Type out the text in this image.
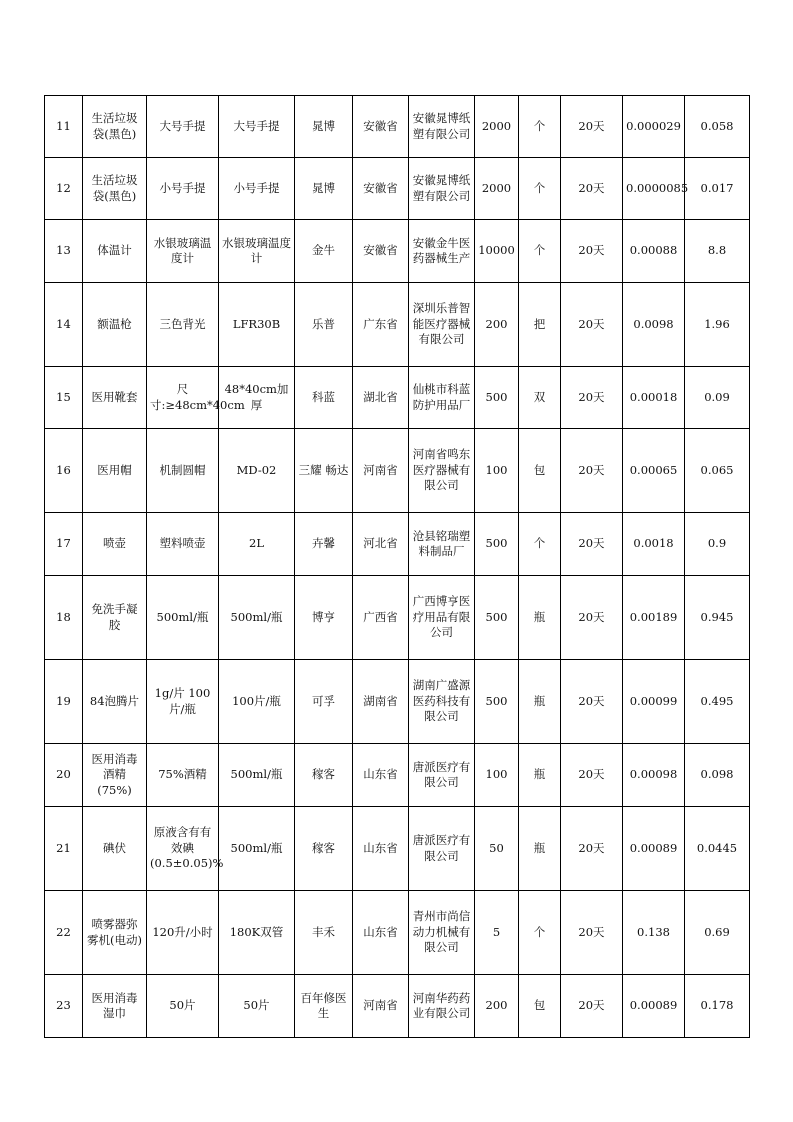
11	生活垃圾袋(黑色)	大号手提	大号手提	晁博	安徽省	安徽晁博纸塑有限公司	2000	个	20天	0.000029	0.058
12	生活垃圾袋(黑色)	小号手提	小号手提	晁博	安徽省	安徽晁博纸塑有限公司	2000	个	20天	0.0000085	0.017
13	体温计	水银玻璃温度计	水银玻璃温度计	金牛	安徽省	安徽金牛医药器械生产	10000	个	20天	0.00088	8.8
14	额温枪	三色背光	LFR30B	乐普	广东省	深圳乐普智能医疗器械有限公司	200	把	20天	0.0098	1.96
15	医用靴套	尺寸:≥48cm*40cm	48*40cm加厚	科蓝	湖北省	仙桃市科蓝防护用品厂	500	双	20天	0.00018	0.09
16	医用帽	机制圆帽	MD-02	三耀 畅达	河南省	河南省鸣东医疗器械有限公司	100	包	20天	0.00065	0.065
17	喷壶	塑料喷壶	2L	卉馨	河北省	沧县铭瑞塑料制品厂	500	个	20天	0.0018	0.9
18	免洗手凝胶	500ml/瓶	500ml/瓶	博亨	广西省	广西博亨医疗用品有限公司	500	瓶	20天	0.00189	0.945
19	84泡腾片	1g/片 100片/瓶	100片/瓶	可孚	湖南省	湖南广盛源医药科技有限公司	500	瓶	20天	0.00099	0.495
20	医用消毒酒精(75%)	75%酒精	500ml/瓶	稼客	山东省	唐派医疗有限公司	100	瓶	20天	0.00098	0.098
21	碘伏	原液含有有效碘(0.5±0.05)%	500ml/瓶	稼客	山东省	唐派医疗有限公司	50	瓶	20天	0.00089	0.0445
22	喷雾器弥雾机(电动)	120升/小时	180K双管	丰禾	山东省	青州市尚信动力机械有限公司	5	个	20天	0.138	0.69
23	医用消毒湿巾	50片	50片	百年修医生	河南省	河南华药药业有限公司	200	包	20天	0.00089	0.178
